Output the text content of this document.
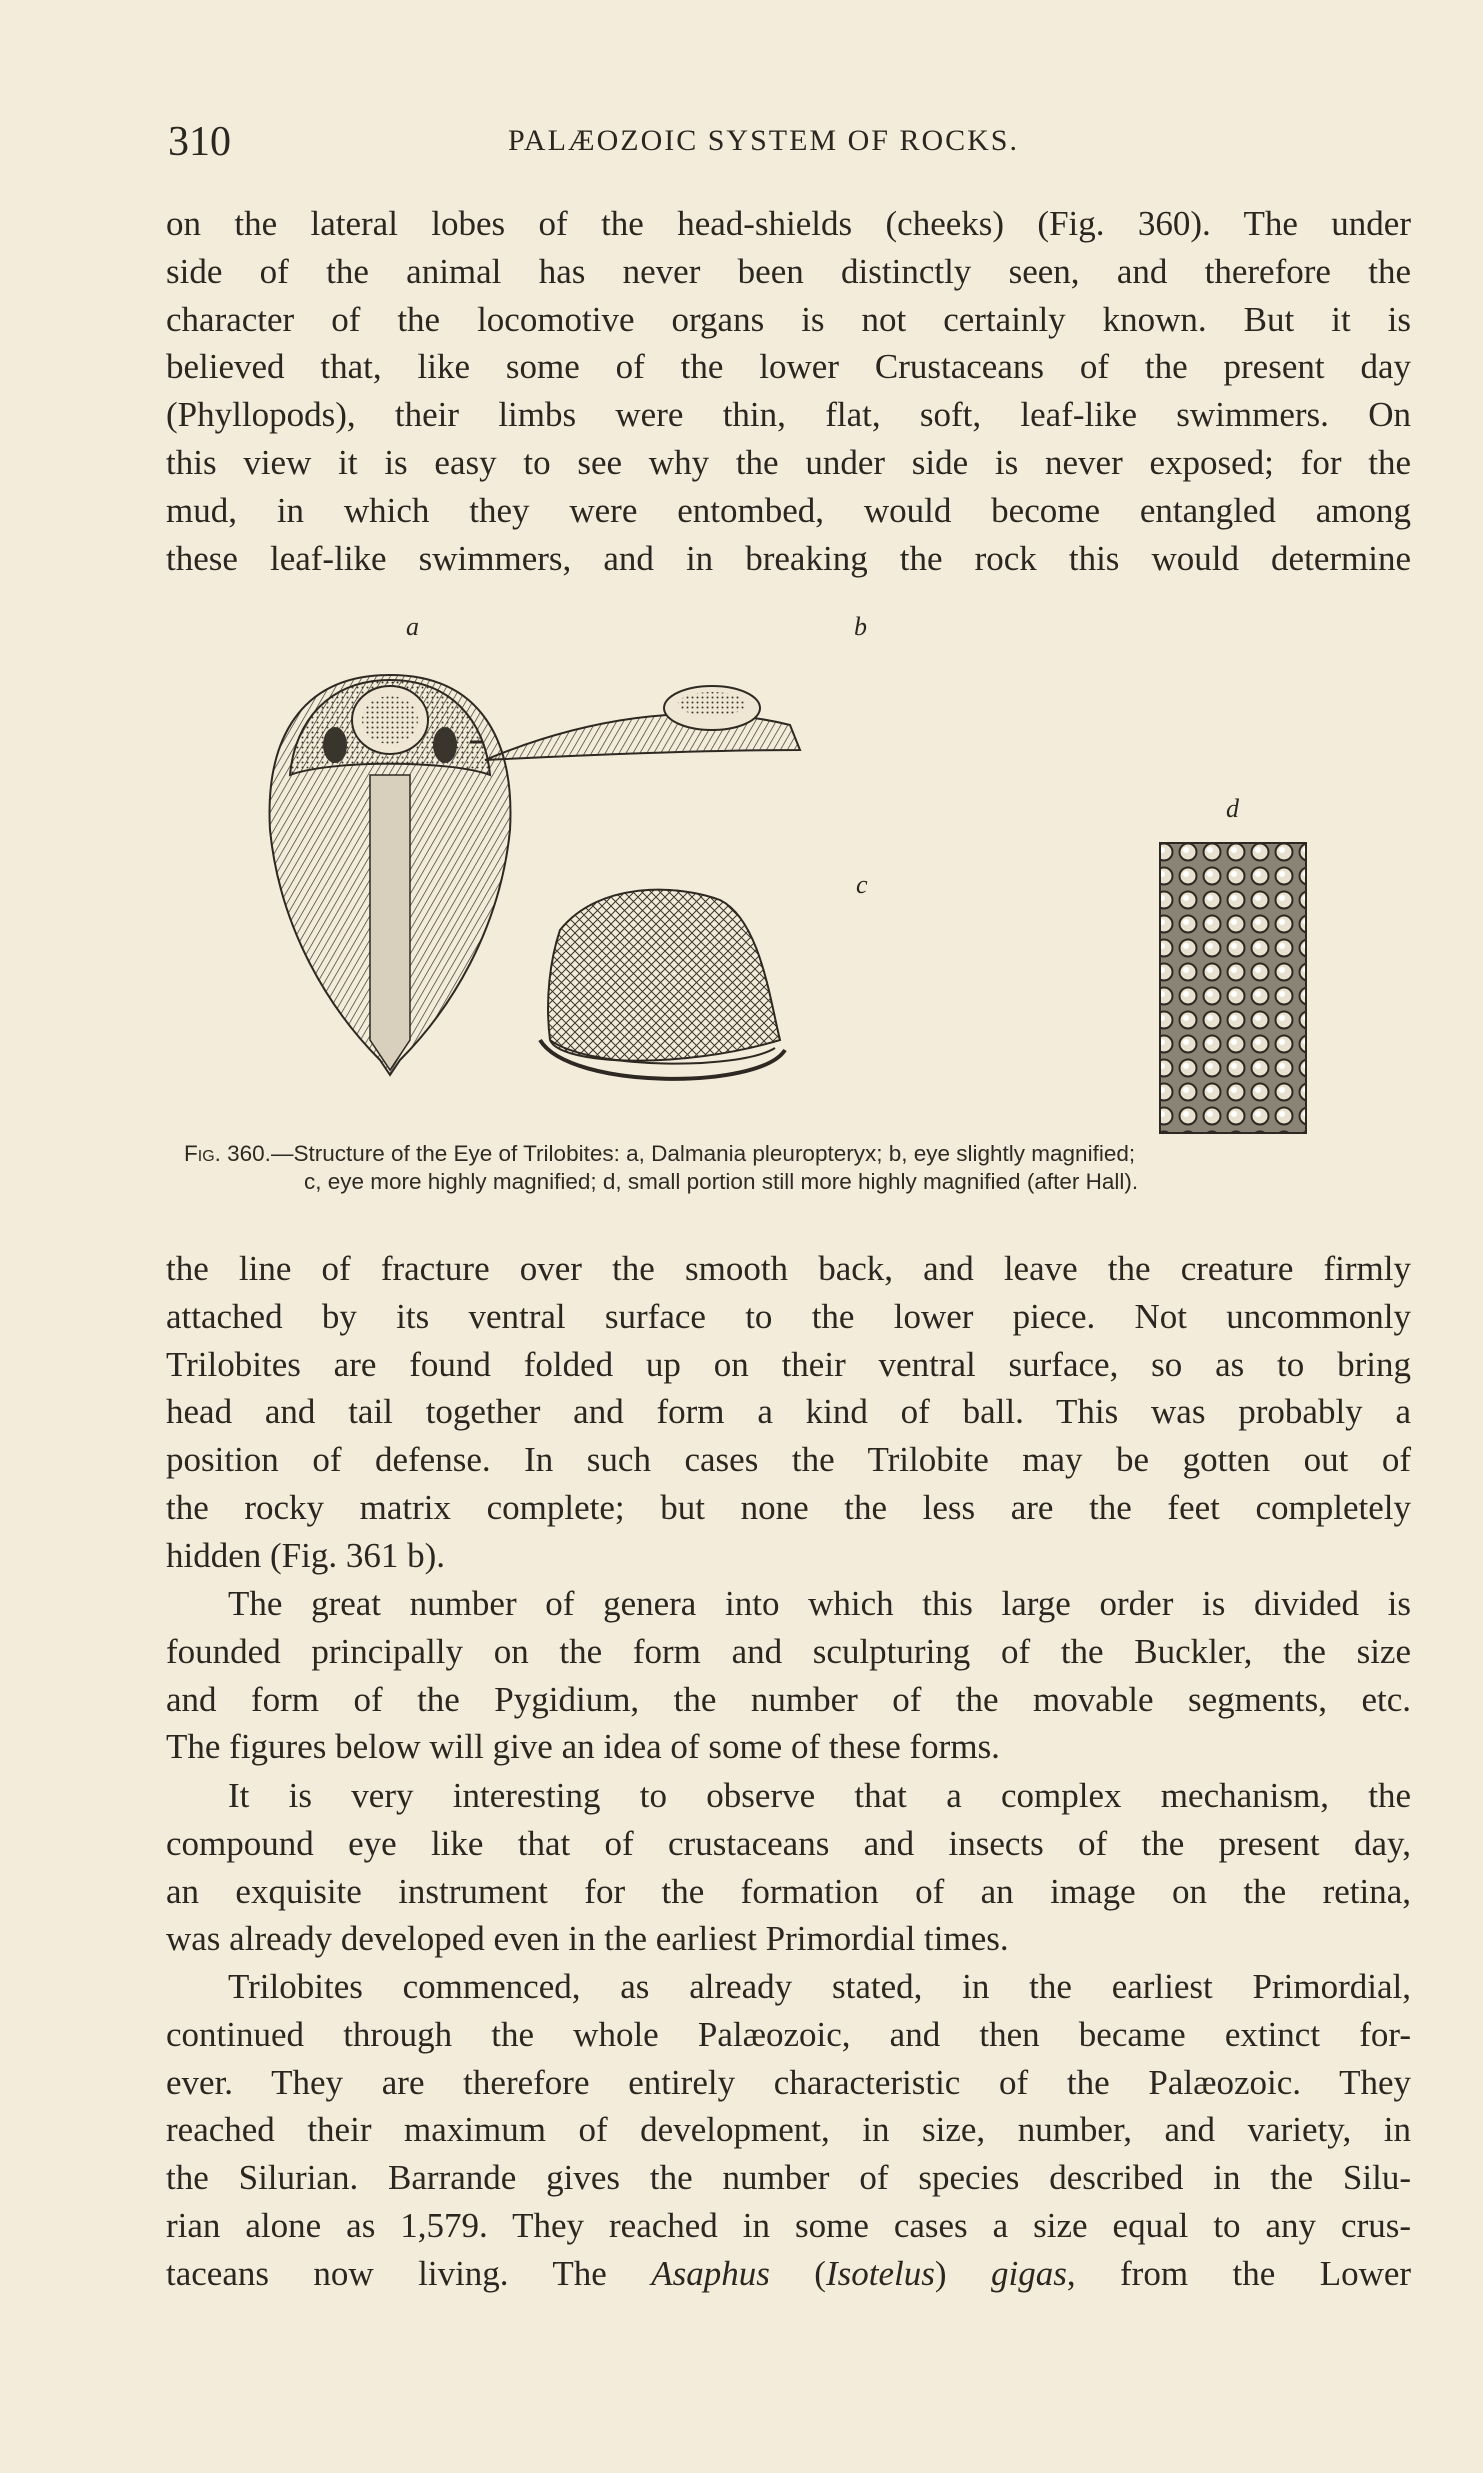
310	PALÆOZOIC SYSTEM OF ROCKS.
on the lateral lobes of the head-shields (cheeks) (Fig. 360). The under
side of the animal has never been distinctly seen, and therefore the
character of the locomotive organs is not certainly known. But it is
believed that, like some of the lower Crustaceans of the present day
(Phyllopods), their limbs were thin, flat, soft, leaf-like swimmers. On
this view it is easy to see why the under side is never exposed; for the
mud, in which they were entombed, would become entangled among
these leaf-like swimmers, and in breaking the rock this would determine
a	b
c
d
Fig. 360.—Structure of the Eye of Trilobites: a, Dalmania pleuropteryx; b, eye slightly magnified;
c, eye more highly magnified; d, small portion still more highly magnified (after Hall).
the line of fracture over the smooth back, and leave the creature firmly
attached by its ventral surface to the lower piece. Not uncommonly
Trilobites are found folded up on their ventral surface, so as to bring
head and tail together and form a kind of ball. This was probably a
position of defense. In such cases the Trilobite may be gotten out of
the rocky matrix complete; but none the less are the feet completely
hidden (Fig. 361 b).
The great number of genera into which this large order is divided is
founded principally on the form and sculpturing of the Buckler, the size
and form of the Pygidium, the number of the movable segments, etc.
The figures below will give an idea of some of these forms.
It is very interesting to observe that a complex mechanism, the
compound eye like that of crustaceans and insects of the present day,
an exquisite instrument for the formation of an image on the retina,
was already developed even in the earliest Primordial times.
Trilobites commenced, as already stated, in the earliest Primordial,
continued through the whole Palæozoic, and then became extinct for-
ever. They are therefore entirely characteristic of the Palæozoic. They
reached their maximum of development, in size, number, and variety, in
the Silurian. Barrande gives the number of species described in the Silu-
rian alone as 1,579. They reached in some cases a size equal to any crus-
taceans now living. The Asaphus (Isotelus) gigas, from the Lower
